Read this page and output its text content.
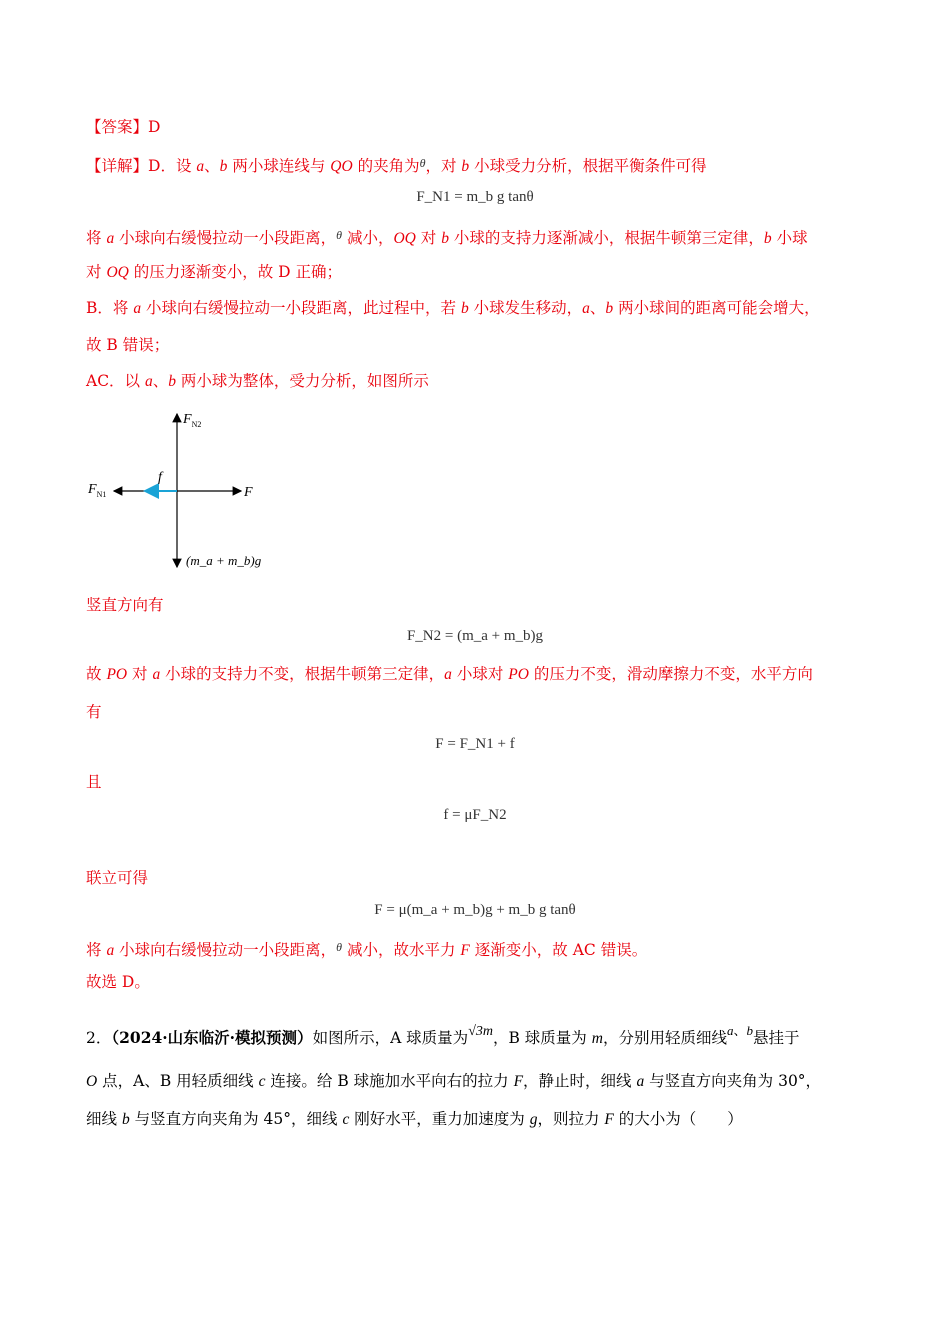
【答案】D
【详解】D．设 a、b 两小球连线与 QO 的夹角为$^\theta$，对 b 小球受力分析，根据平衡条件可得
F_N1 = m_b g tanθ
将 a 小球向右缓慢拉动一小段距离，$^\theta$ 减小，OQ 对 b 小球的支持力逐渐减小，根据牛顿第三定律，b 小球
对 OQ 的压力逐渐变小，故 D 正确；
B．将 a 小球向右缓慢拉动一小段距离，此过程中，若 b 小球发生移动，a、b 两小球间的距离可能会增大，
故 B 错误；
AC．以 a、b 两小球为整体，受力分析，如图所示
$F_{N2}$
$F_{N1}$
f
F
(m_a + m_b)g
竖直方向有
F_N2 = (m_a + m_b)g
故 PO 对 a 小球的支持力不变，根据牛顿第三定律，a 小球对 PO 的压力不变，滑动摩擦力不变，水平方向
有
F = F_N1 + f
且
f = μF_N2
联立可得
F = μ(m_a + m_b)g + m_b g tanθ
将 a 小球向右缓慢拉动一小段距离，$^\theta$ 减小，故水平力 F 逐渐变小，故 AC 错误。
故选 D。
2．（2024·山东临沂·模拟预测）如图所示，A 球质量为√3m，B 球质量为 m，分别用轻质细线$^{a、b}$悬挂于
O 点，A、B 用轻质细线 c 连接。给 B 球施加水平向右的拉力 F，静止时，细线 a 与竖直方向夹角为 30°，
细线 b 与竖直方向夹角为 45°，细线 c 刚好水平，重力加速度为 g，则拉力 F 的大小为（　　）
